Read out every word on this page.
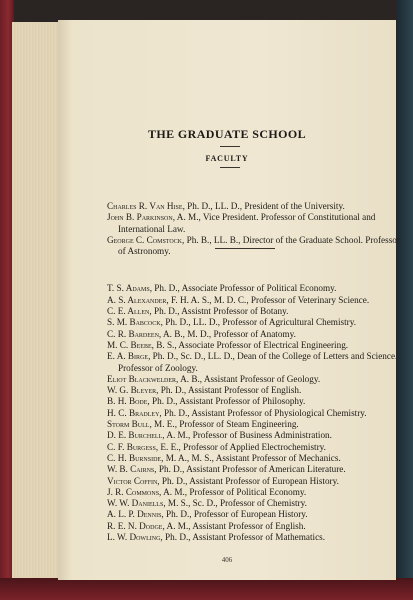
THE GRADUATE SCHOOL
FACULTY

Charles R. Van Hise, Ph. D., LL. D., President of the University.

John B. Parkinson, A. M., Vice President. Professor of Constitutional and International Law.

George C. Comstock, Ph. B., LL. B., Director of the Graduate School. Professor of Astronomy.

T. S. Adams, Ph. D., Associate Professor of Political Economy.

A. S. Alexander, F. H. A. S., M. D. C., Professor of Veterinary Science.

C. E. Allen, Ph. D., Assistnt Professor of Botany.

S. M. Babcock, Ph. D., LL. D., Professor of Agricultural Chemistry.

C. R. Bardeen, A. B., M. D., Professor of Anatomy.

M. C. Beebe, B. S., Associate Professor of Electrical Engineering.

E. A. Birge, Ph. D., Sc. D., LL. D., Dean of the College of Letters and Science. Professor of Zoology.

Eliot Blackwelder, A. B., Assistant Professor of Geology.

W. G. Bleyer, Ph. D., Assistant Professor of English.

B. H. Bode, Ph. D., Assistant Professor of Philosophy.

H. C. Bradley, Ph. D., Assistant Professor of Physiological Chemistry.

Storm Bull, M. E., Professor of Steam Engineering.

D. E. Burchell, A. M., Professor of Business Administration.

C. F. Burgess, E. E., Professor of Applied Electrochemistry.

C. H. Burnside, M. A., M. S., Assistant Professor of Mechanics.

W. B. Cairns, Ph. D., Assistant Professor of American Literature.

Victor Coffin, Ph. D., Assistant Professor of European History.

J. R. Commons, A. M., Professor of Political Economy.

W. W. Daniells, M. S., Sc. D., Professor of Chemistry.

A. L. P. Dennis, Ph. D., Professor of European History.

R. E. N. Dodge, A. M., Assistant Professor of English.

L. W. Dowling, Ph. D., Assistant Professor of Mathematics.

406
